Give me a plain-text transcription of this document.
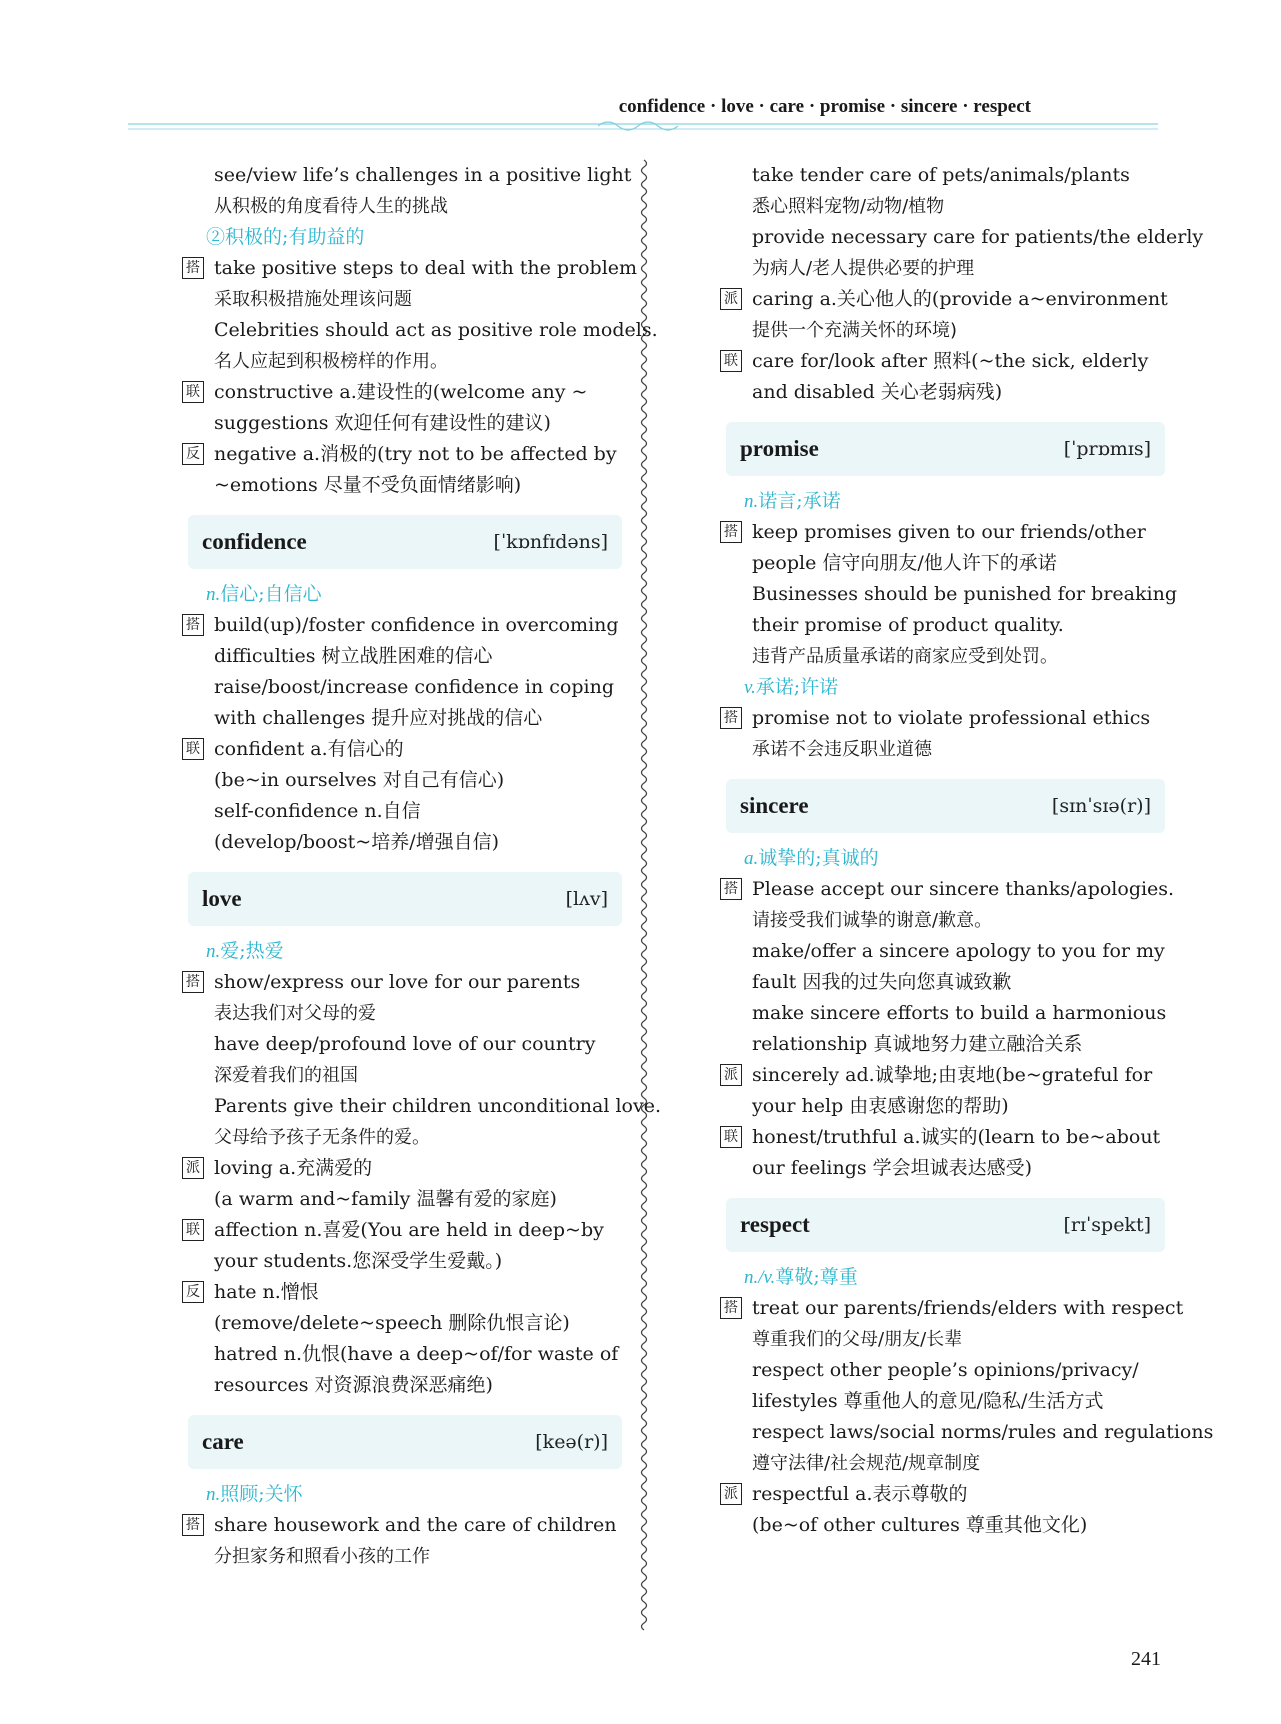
confidence · love · care · promise · sincere · respect
see/view life’s challenges in a positive light
从积极的角度看待人生的挑战
②积极的;有助益的
搭 take positive steps to deal with the problem
采取积极措施处理该问题
Celebrities should act as positive role models.
名人应起到积极榜样的作用。
联 constructive a.建设性的(welcome any ~
suggestions 欢迎任何有建设性的建议)
反 negative a.消极的(try not to be affected by
~emotions 尽量不受负面情绪影响)
confidence	[ˈkɒnfɪdəns]
n.信心;自信心
搭 build(up)/foster confidence in overcoming
difficulties 树立战胜困难的信心
raise/boost/increase confidence in coping
with challenges 提升应对挑战的信心
联 confident a.有信心的
(be~in ourselves 对自己有信心)
self-confidence n.自信
(develop/boost~培养/增强自信)
love	[lʌv]
n.爱;热爱
搭 show/express our love for our parents
表达我们对父母的爱
have deep/profound love of our country
深爱着我们的祖国
Parents give their children unconditional love.
父母给予孩子无条件的爱。
派 loving a.充满爱的
(a warm and~family 温馨有爱的家庭)
联 affection n.喜爱(You are held in deep~by
your students.您深受学生爱戴。)
反 hate n.憎恨
(remove/delete~speech 删除仇恨言论)
hatred n.仇恨(have a deep~of/for waste of
resources 对资源浪费深恶痛绝)
care	[keə(r)]
n.照顾;关怀
搭 share housework and the care of children
分担家务和照看小孩的工作
take tender care of pets/animals/plants
悉心照料宠物/动物/植物
provide necessary care for patients/the elderly
为病人/老人提供必要的护理
派 caring a.关心他人的(provide a~environment
提供一个充满关怀的环境)
联 care for/look after 照料(~the sick, elderly
and disabled 关心老弱病残)
promise	[ˈprɒmɪs]
n.诺言;承诺
搭 keep promises given to our friends/other
people 信守向朋友/他人许下的承诺
Businesses should be punished for breaking
their promise of product quality.
违背产品质量承诺的商家应受到处罚。
v.承诺;许诺
搭 promise not to violate professional ethics
承诺不会违反职业道德
sincere	[sɪnˈsɪə(r)]
a.诚挚的;真诚的
搭 Please accept our sincere thanks/apologies.
请接受我们诚挚的谢意/歉意。
make/offer a sincere apology to you for my
fault 因我的过失向您真诚致歉
make sincere efforts to build a harmonious
relationship 真诚地努力建立融洽关系
派 sincerely ad.诚挚地;由衷地(be~grateful for
your help 由衷感谢您的帮助)
联 honest/truthful a.诚实的(learn to be~about
our feelings 学会坦诚表达感受)
respect	[rɪˈspekt]
n./v.尊敬;尊重
搭 treat our parents/friends/elders with respect
尊重我们的父母/朋友/长辈
respect other people’s opinions/privacy/
lifestyles 尊重他人的意见/隐私/生活方式
respect laws/social norms/rules and regulations
遵守法律/社会规范/规章制度
派 respectful a.表示尊敬的
(be~of other cultures 尊重其他文化)
241
